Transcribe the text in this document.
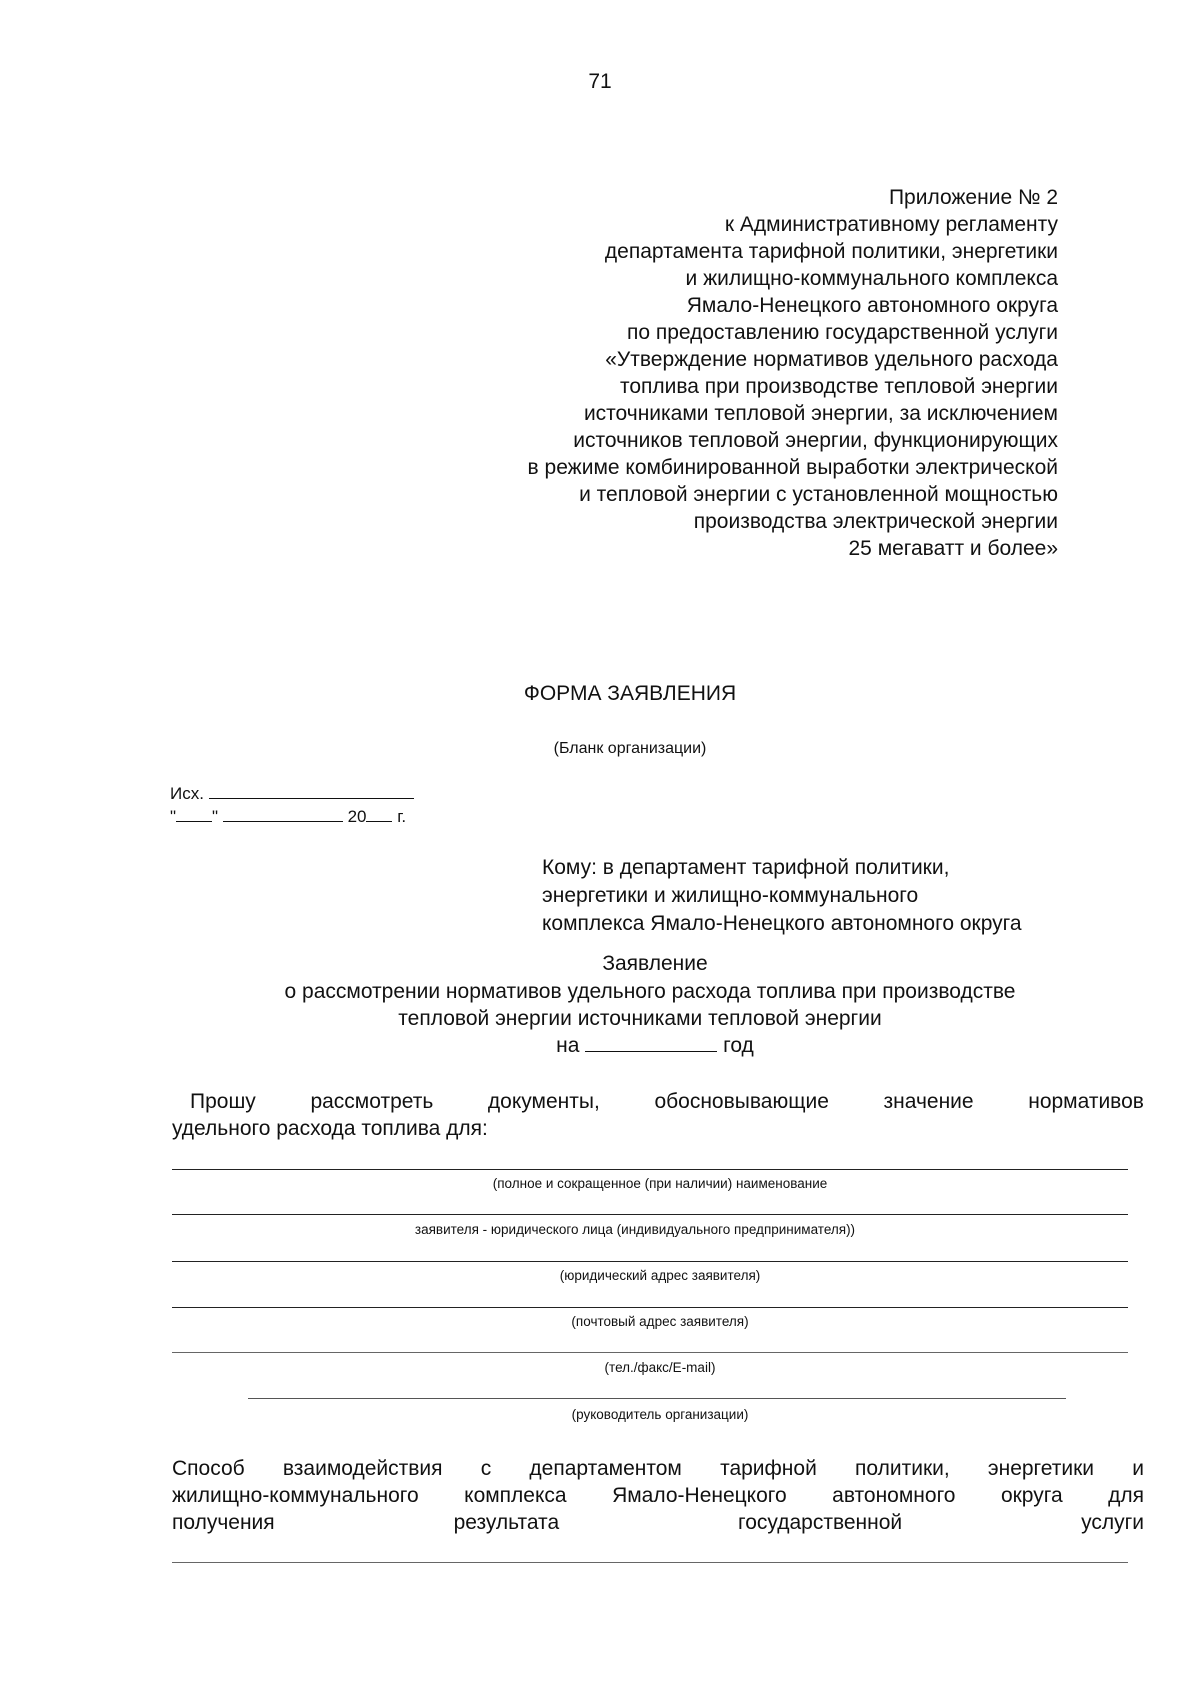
71
Приложение № 2
к Административному регламенту
департамента тарифной политики, энергетики
и жилищно-коммунального комплекса
Ямало-Ненецкого автономного округа
по предоставлению государственной услуги
«Утверждение нормативов удельного расхода
топлива при производстве тепловой энергии
источниками тепловой энергии, за исключением
источников тепловой энергии, функционирующих
в режиме комбинированной выработки электрической
и тепловой энергии с установленной мощностью
производства электрической энергии
25 мегаватт и более»
ФОРМА ЗАЯВЛЕНИЯ
(Бланк организации)
Исх.
" "	20 г.
Кому: в департамент тарифной политики,
энергетики и жилищно-коммунального
комплекса Ямало-Ненецкого автономного округа
Заявление
о рассмотрении нормативов удельного расхода топлива при производстве
тепловой энергии источниками тепловой энергии
на	год
Прошу	рассмотреть	документы,	обосновывающие	значение	нормативов
удельного расхода топлива для:
(полное и сокращенное (при наличии) наименование
заявителя - юридического лица (индивидуального предпринимателя))
(юридический адрес заявителя)
(почтовый адрес заявителя)
(тел./факс/E-mail)
(руководитель организации)
Способ взаимодействия с департаментом тарифной политики, энергетики и
жилищно-коммунального комплекса Ямало-Ненецкого автономного округа для
получения	результата	государственной	услуги
